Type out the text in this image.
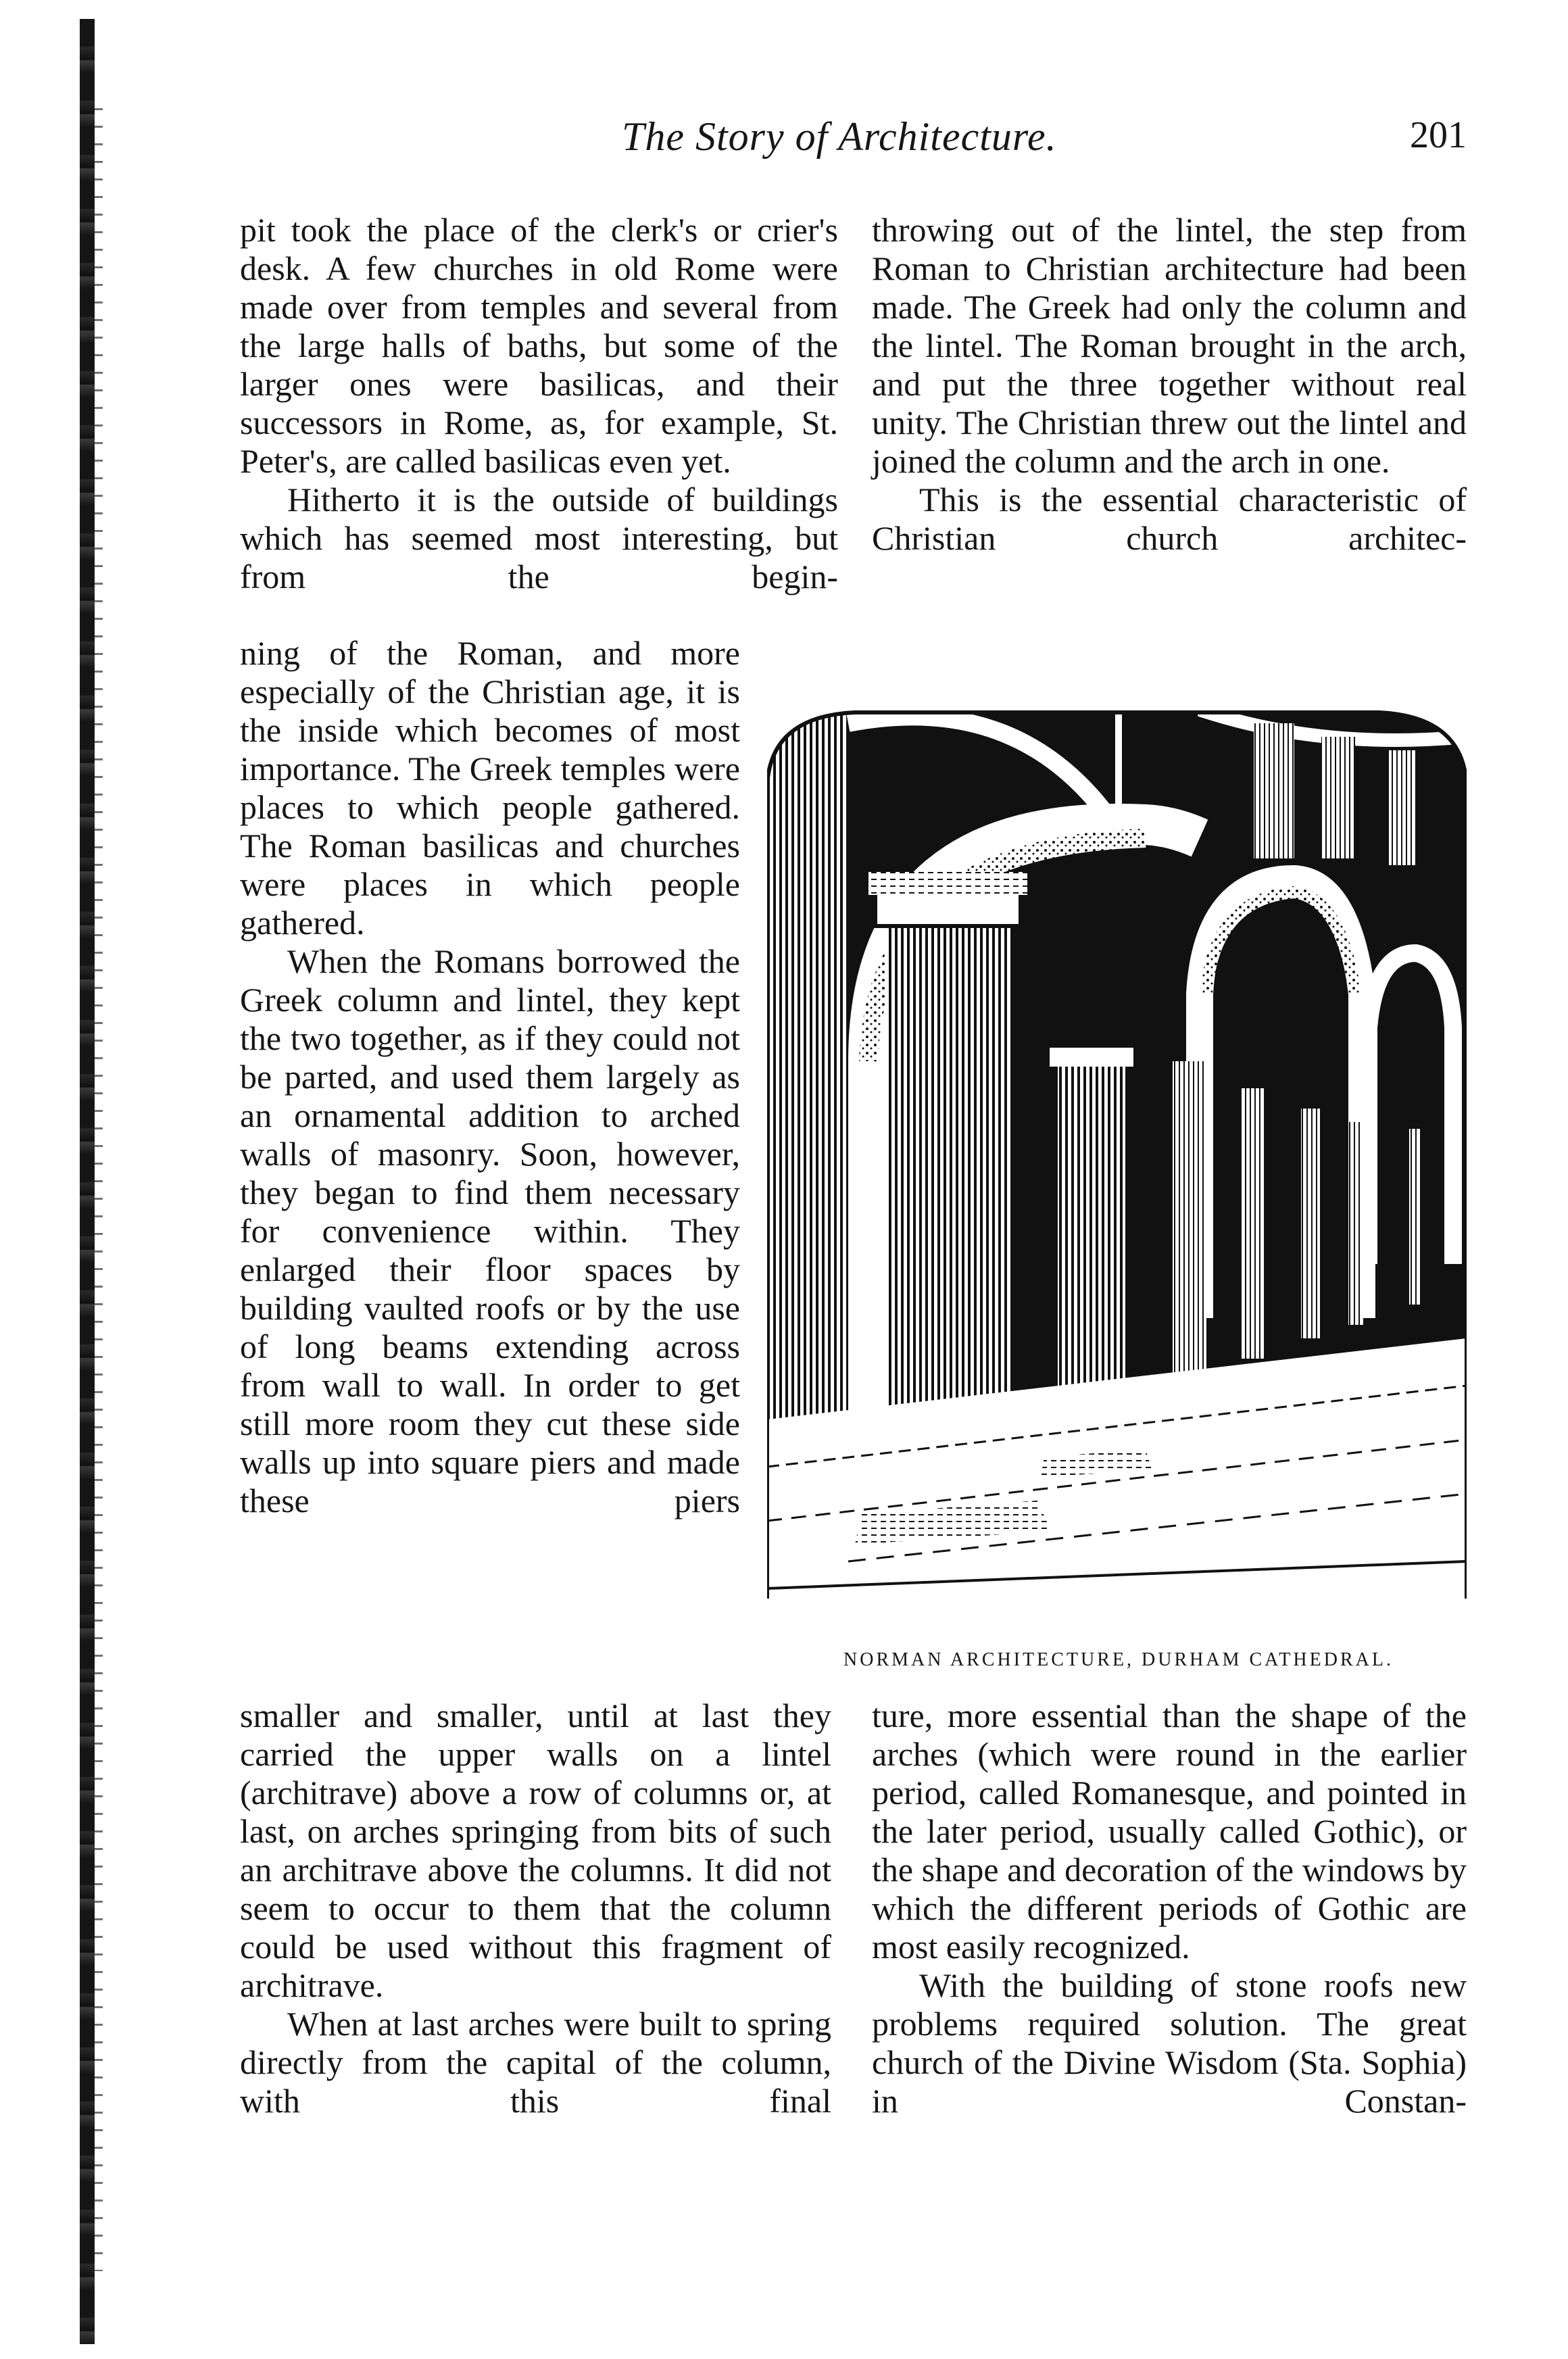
The Story of Architecture.	201

pit took the place of the clerk's or crier's desk. A few churches in old Rome were made over from temples and several from the large halls of baths, but some of the larger ones were basilicas, and their successors in Rome, as, for example, St. Peter's, are called basilicas even yet.

Hitherto it is the outside of buildings which has seemed most interesting, but from the begin-

ning of the Roman, and more especially of the Christian age, it is the inside which becomes of most importance. The Greek temples were places to which people gathered. The Roman basilicas and churches were places in which people gathered.

When the Romans borrowed the Greek column and lintel, they kept the two together, as if they could not be parted, and used them largely as an ornamental addition to arched walls of masonry. Soon, however, they began to find them necessary for convenience within. They enlarged their floor spaces by building vaulted roofs or by the use of long beams extending across from wall to wall. In order to get still more room they cut these side walls up into square piers and made these piers

smaller and smaller, until at last they carried the upper walls on a lintel (architrave) above a row of columns or, at last, on arches springing from bits of such an architrave above the columns. It did not seem to occur to them that the column could be used without this fragment of architrave.

When at last arches were built to spring directly from the capital of the column, with this final

throwing out of the lintel, the step from Roman to Christian architecture had been made. The Greek had only the column and the lintel. The Roman brought in the arch, and put the three together without real unity. The Christian threw out the lintel and joined the column and the arch in one.

This is the essential characteristic of Christian church architec-

ture, more essential than the shape of the arches (which were round in the earlier period, called Romanesque, and pointed in the later period, usually called Gothic), or the shape and decoration of the windows by which the different periods of Gothic are most easily recognized.

With the building of stone roofs new problems required solution. The great church of the Divine Wisdom (Sta. Sophia) in Constan-

NORMAN ARCHITECTURE, DURHAM CATHEDRAL.
